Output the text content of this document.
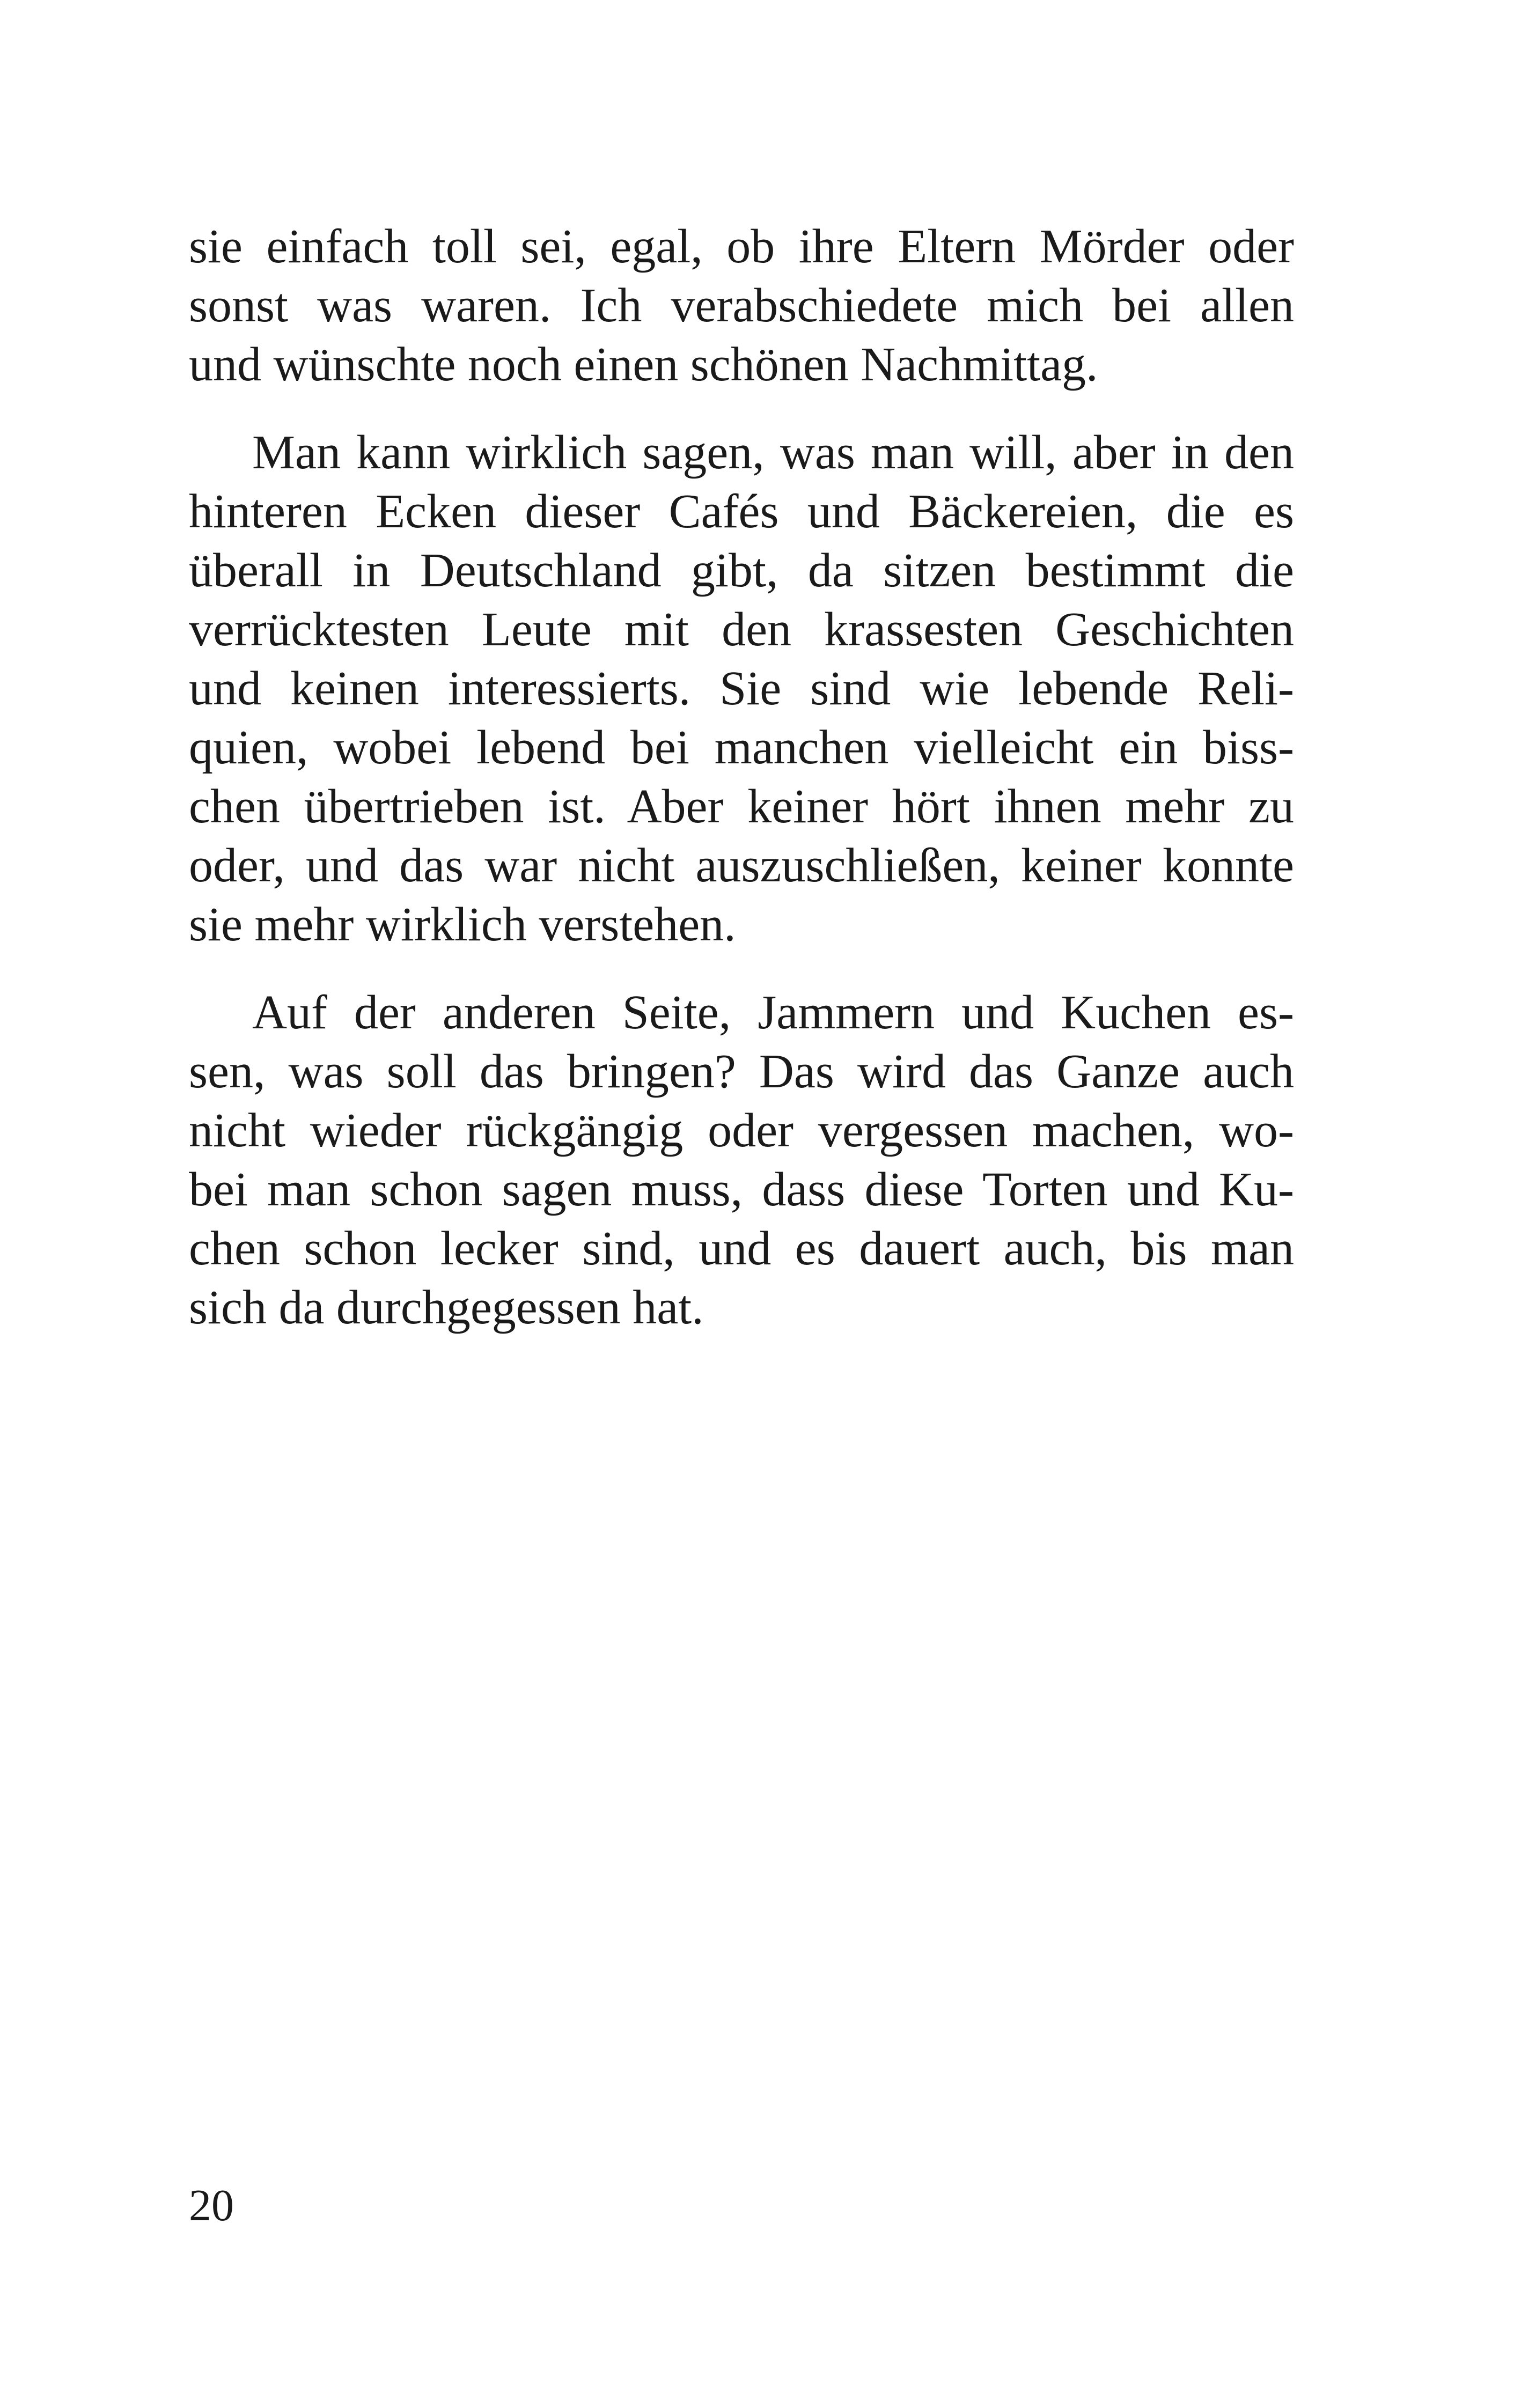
sie einfach toll sei, egal, ob ihre Eltern Mörder oder
sonst was waren. Ich verabschiedete mich bei allen
und wünschte noch einen schönen Nachmittag.

Man kann wirklich sagen, was man will, aber in den
hinteren Ecken dieser Cafés und Bäckereien, die es
überall in Deutschland gibt, da sitzen bestimmt die
verrücktesten Leute mit den krassesten Geschichten
und keinen interessierts. Sie sind wie lebende Reli-
quien, wobei lebend bei manchen vielleicht ein biss-
chen übertrieben ist. Aber keiner hört ihnen mehr zu
oder, und das war nicht auszuschließen, keiner konnte
sie mehr wirklich verstehen.

Auf der anderen Seite, Jammern und Kuchen es-
sen, was soll das bringen? Das wird das Ganze auch
nicht wieder rückgängig oder vergessen machen, wo-
bei man schon sagen muss, dass diese Torten und Ku-
chen schon lecker sind, und es dauert auch, bis man
sich da durchgegessen hat.

20
